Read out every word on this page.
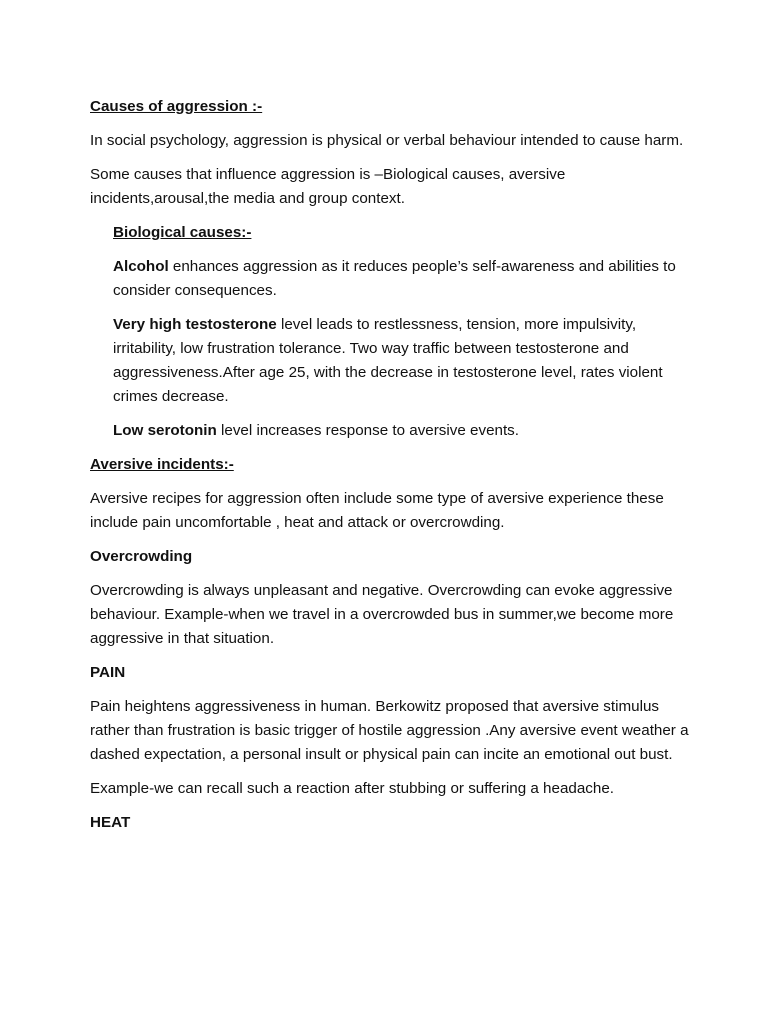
Causes of aggression :-

In social psychology, aggression is physical or verbal behaviour intended to cause harm.

Some causes that influence aggression is –Biological causes, aversive incidents,arousal,the media and group context.

Biological causes:-

Alcohol enhances aggression as it reduces people’s self-awareness and abilities to consider consequences.

Very high testosterone level leads to restlessness, tension, more impulsivity, irritability, low frustration tolerance. Two way traffic between testosterone and aggressiveness.After age 25, with the decrease in testosterone level, rates violent crimes decrease.

Low serotonin level increases response to aversive events.

Aversive incidents:-

Aversive recipes for aggression often include some type of aversive experience these include pain uncomfortable , heat and attack or overcrowding.

Overcrowding

Overcrowding is always unpleasant and negative. Overcrowding can evoke aggressive behaviour. Example-when we travel in a overcrowded bus in summer,we become more aggressive in that situation.

PAIN

Pain heightens aggressiveness in human. Berkowitz proposed that aversive stimulus rather than frustration is basic trigger of hostile aggression .Any aversive event weather a dashed expectation, a personal insult or physical pain can incite an emotional out bust.

Example-we can recall such a reaction after stubbing or suffering a headache.

HEAT
